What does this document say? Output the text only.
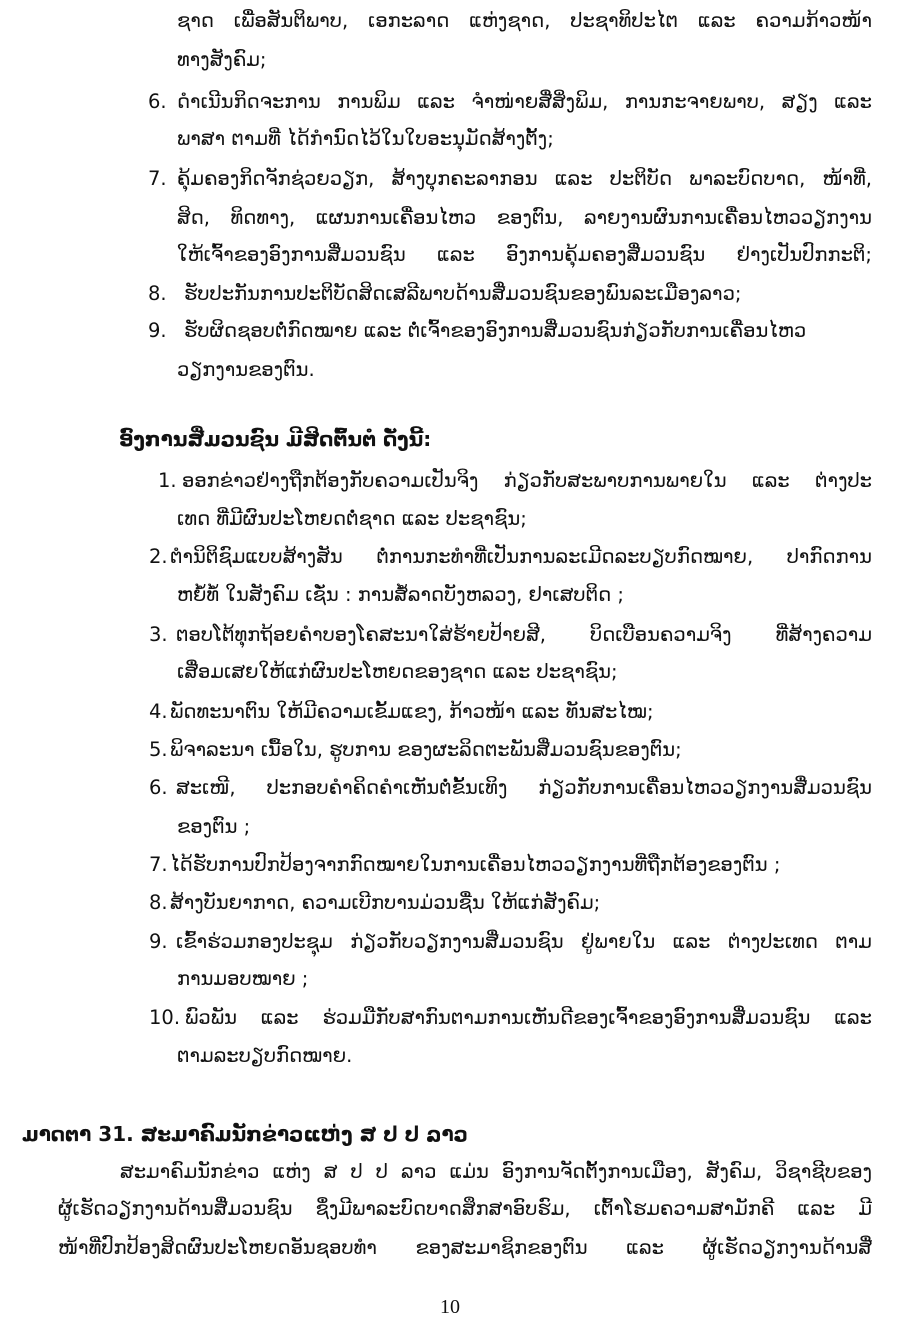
ຊາດ ເພື່ອສັນຕິພາບ, ເອກະລາດ ແຫ່ງຊາດ, ປະຊາທິປະໄຕ ແລະ ຄວາມກ້າວໜ້າ
ທາງສັງຄົມ;
6. ດຳເນີນກິດຈະການ ການພິມ ແລະ ຈຳໜ່າຍສື່ສິ່ງພິມ, ການກະຈາຍພາບ, ສຽງ ແລະ
ພາສາ ຕາມທີ່ ໄດ້ກຳນົດໄວ້ໃນໃບອະນຸມັດສ້າງຕັ້ງ;
7. ຄຸ້ມຄອງກິດຈັກຊ່ວຍວຽກ, ສ້າງບຸກຄະລາກອນ ແລະ ປະຕິບັດ ພາລະບົດບາດ, ໜ້າທີ່,
ສິດ, ທິດທາງ, ແຜນການເຄື່ອນໄຫວ ຂອງຕົນ, ລາຍງານຜົນການເຄື່ອນໄຫວວຽກງານ
ໃຫ້ເຈົ້າຂອງອົງການສື່ມວນຊົນ ແລະ ອົງການຄຸ້ມຄອງສື່ມວນຊົນ ຢ່າງເປັນປົກກະຕິ;
8. ຮັບປະກັນການປະຕິບັດສິດເສລີພາບດ້ານສື່ມວນຊົນຂອງພົນລະເມືອງລາວ;
9. ຮັບຜິດຊອບຕໍ່ກົດໝາຍ ແລະ ຕໍ່ເຈົ້າຂອງອົງການສື່ມວນຊົນກ່ຽວກັບການເຄື່ອນໄຫວ
ວຽກງານຂອງຕົນ.
ອົງການສື່ມວນຊົນ ມີສິດຕົ້ນຕໍ ດັ່ງນີ້:
1. ອອກຂ່າວຢ່າງຖືກຕ້ອງກັບຄວາມເປັນຈິງ ກ່ຽວກັບສະພາບການພາຍໃນ ແລະ ຕ່າງປະ
ເທດ ທີ່ມີຜົນປະໂຫຍດຕໍ່ຊາດ ແລະ ປະຊາຊົນ;
2. ຕຳນິຕິຊົມແບບສ້າງສັນ ຕໍ່ການກະທຳທີ່ເປັນການລະເມີດລະບຽບກົດໝາຍ, ປາກົດການ
ຫຍໍ້ທໍ້ ໃນສັງຄົມ ເຊັ່ນ : ການສໍ້ລາດບັງຫລວງ, ຢາເສບຕິດ ;
3. ຕອບໂຕ້ທຸກຖ້ອຍຄຳບອງໂຄສະນາໃສ່ຮ້າຍປ້າຍສີ, ບິດເບືອນຄວາມຈິງ ທີ່ສ້າງຄວາມ
ເສື່ອມເສຍໃຫ້ແກ່ຜົນປະໂຫຍດຂອງຊາດ ແລະ ປະຊາຊົນ;
4. ພັດທະນາຕົນ ໃຫ້ມີຄວາມເຂັ້ມແຂງ, ກ້າວໜ້າ ແລະ ທັນສະໄໝ;
5. ພິຈາລະນາ ເນື້ອໃນ, ຮູບການ ຂອງຜະລິດຕະພັນສື່ມວນຊົນຂອງຕົນ;
6. ສະເໜີ, ປະກອບຄຳຄິດຄຳເຫັນຕໍ່ຂັ້ນເທິງ ກ່ຽວກັບການເຄື່ອນໄຫວວຽກງານສື່ມວນຊົນ
ຂອງຕົນ ;
7. ໄດ້ຮັບການປົກປ້ອງຈາກກົດໝາຍໃນການເຄື່ອນໄຫວວຽກງານທີ່ຖືກຕ້ອງຂອງຕົນ ;
8. ສ້າງບັນຍາກາດ, ຄວາມເບີກບານມ່ວນຊື່ນ ໃຫ້ແກ່ສັງຄົມ;
9. ເຂົ້າຮ່ວມກອງປະຊຸມ ກ່ຽວກັບວຽກງານສື່ມວນຊົນ ຢູ່ພາຍໃນ ແລະ ຕ່າງປະເທດ ຕາມ
ການມອບໝາຍ ;
10. ພົວພັນ ແລະ ຮ່ວມມືກັບສາກົນຕາມການເຫັນດີຂອງເຈົ້າຂອງອົງການສື່ມວນຊົນ ແລະ
ຕາມລະບຽບກົດໝາຍ.
ມາດຕາ 31. ສະມາຄົມນັກຂ່າວແຫ່ງ ສ ປ ປ ລາວ
ສະມາຄົມນັກຂ່າວ ແຫ່ງ ສ ປ ປ ລາວ ແມ່ນ ອົງການຈັດຕັ້ງການເມືອງ, ສັງຄົມ, ວິຊາຊີບຂອງ
ຜູ້ເຮັດວຽກງານດ້ານສື່ມວນຊົນ ຊຶ່ງມີພາລະບົດບາດສຶກສາອົບຮົມ, ເຕົ້າໂຮມຄວາມສາມັກຄີ ແລະ ມີ
ໜ້າທີ່ປົກປ້ອງສິດຜົນປະໂຫຍດອັນຊອບທຳ ຂອງສະມາຊິກຂອງຕົນ ແລະ ຜູ້ເຮັດວຽກງານດ້ານສື່
10
